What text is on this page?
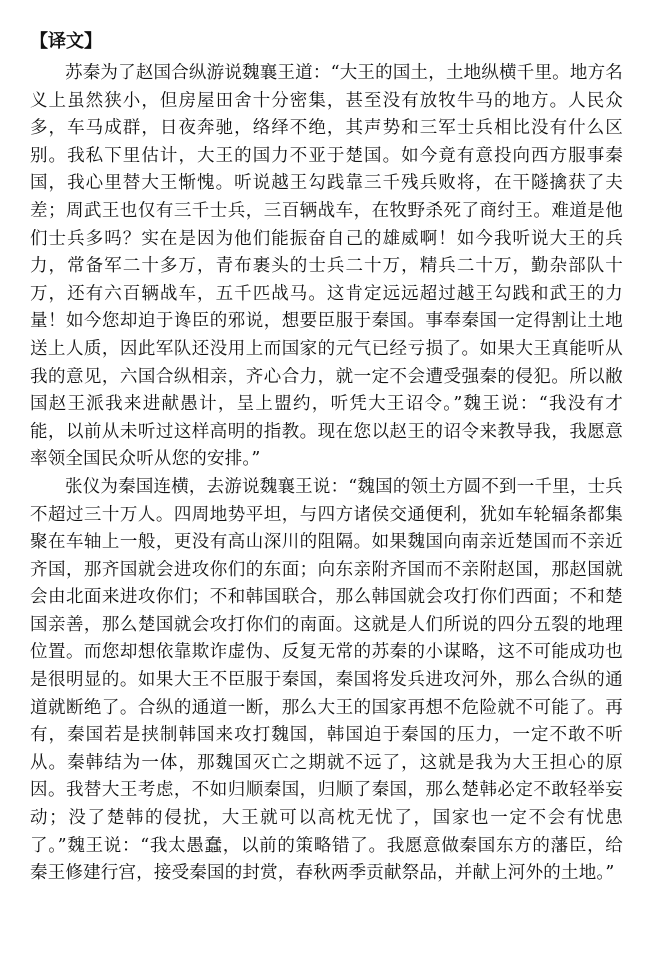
【译文】

苏秦为了赵国合纵游说魏襄王道：“大王的国土，土地纵横千里。地方名义上虽然狭小，但房屋田舍十分密集，甚至没有放牧牛马的地方。人民众多，车马成群，日夜奔驰，络绎不绝，其声势和三军士兵相比没有什么区别。我私下里估计，大王的国力不亚于楚国。如今竟有意投向西方服事秦国，我心里替大王惭愧。听说越王勾践靠三千残兵败将，在干隧擒获了夫差；周武王也仅有三千士兵，三百辆战车，在牧野杀死了商纣王。难道是他们士兵多吗？实在是因为他们能振奋自己的雄威啊！如今我听说大王的兵力，常备军二十多万，青布裹头的士兵二十万，精兵二十万，勤杂部队十万，还有六百辆战车，五千匹战马。这肯定远远超过越王勾践和武王的力量！如今您却迫于谗臣的邪说，想要臣服于秦国。事奉秦国一定得割让土地送上人质，因此军队还没用上而国家的元气已经亏损了。如果大王真能听从我的意见，六国合纵相亲，齐心合力，就一定不会遭受强秦的侵犯。所以敝国赵王派我来进献愚计，呈上盟约，听凭大王诏令。”魏王说：“我没有才能，以前从未听过这样高明的指教。现在您以赵王的诏令来教导我，我愿意率领全国民众听从您的安排。”

张仪为秦国连横，去游说魏襄王说：“魏国的领土方圆不到一千里，士兵不超过三十万人。四周地势平坦，与四方诸侯交通便利，犹如车轮辐条都集聚在车轴上一般，更没有高山深川的阻隔。如果魏国向南亲近楚国而不亲近齐国，那齐国就会进攻你们的东面；向东亲附齐国而不亲附赵国，那赵国就会由北面来进攻你们；不和韩国联合，那么韩国就会攻打你们西面；不和楚国亲善，那么楚国就会攻打你们的南面。这就是人们所说的四分五裂的地理位置。而您却想依靠欺诈虚伪、反复无常的苏秦的小谋略，这不可能成功也是很明显的。如果大王不臣服于秦国，秦国将发兵进攻河外，那么合纵的通道就断绝了。合纵的通道一断，那么大王的国家再想不危险就不可能了。再有，秦国若是挟制韩国来攻打魏国，韩国迫于秦国的压力，一定不敢不听从。秦韩结为一体，那魏国灭亡之期就不远了，这就是我为大王担心的原因。我替大王考虑，不如归顺秦国，归顺了秦国，那么楚韩必定不敢轻举妄动；没了楚韩的侵扰，大王就可以高枕无忧了，国家也一定不会有忧患了。”魏王说：“我太愚蠢，以前的策略错了。我愿意做秦国东方的藩臣，给秦王修建行宫，接受秦国的封赏，春秋两季贡献祭品，并献上河外的土地。”
